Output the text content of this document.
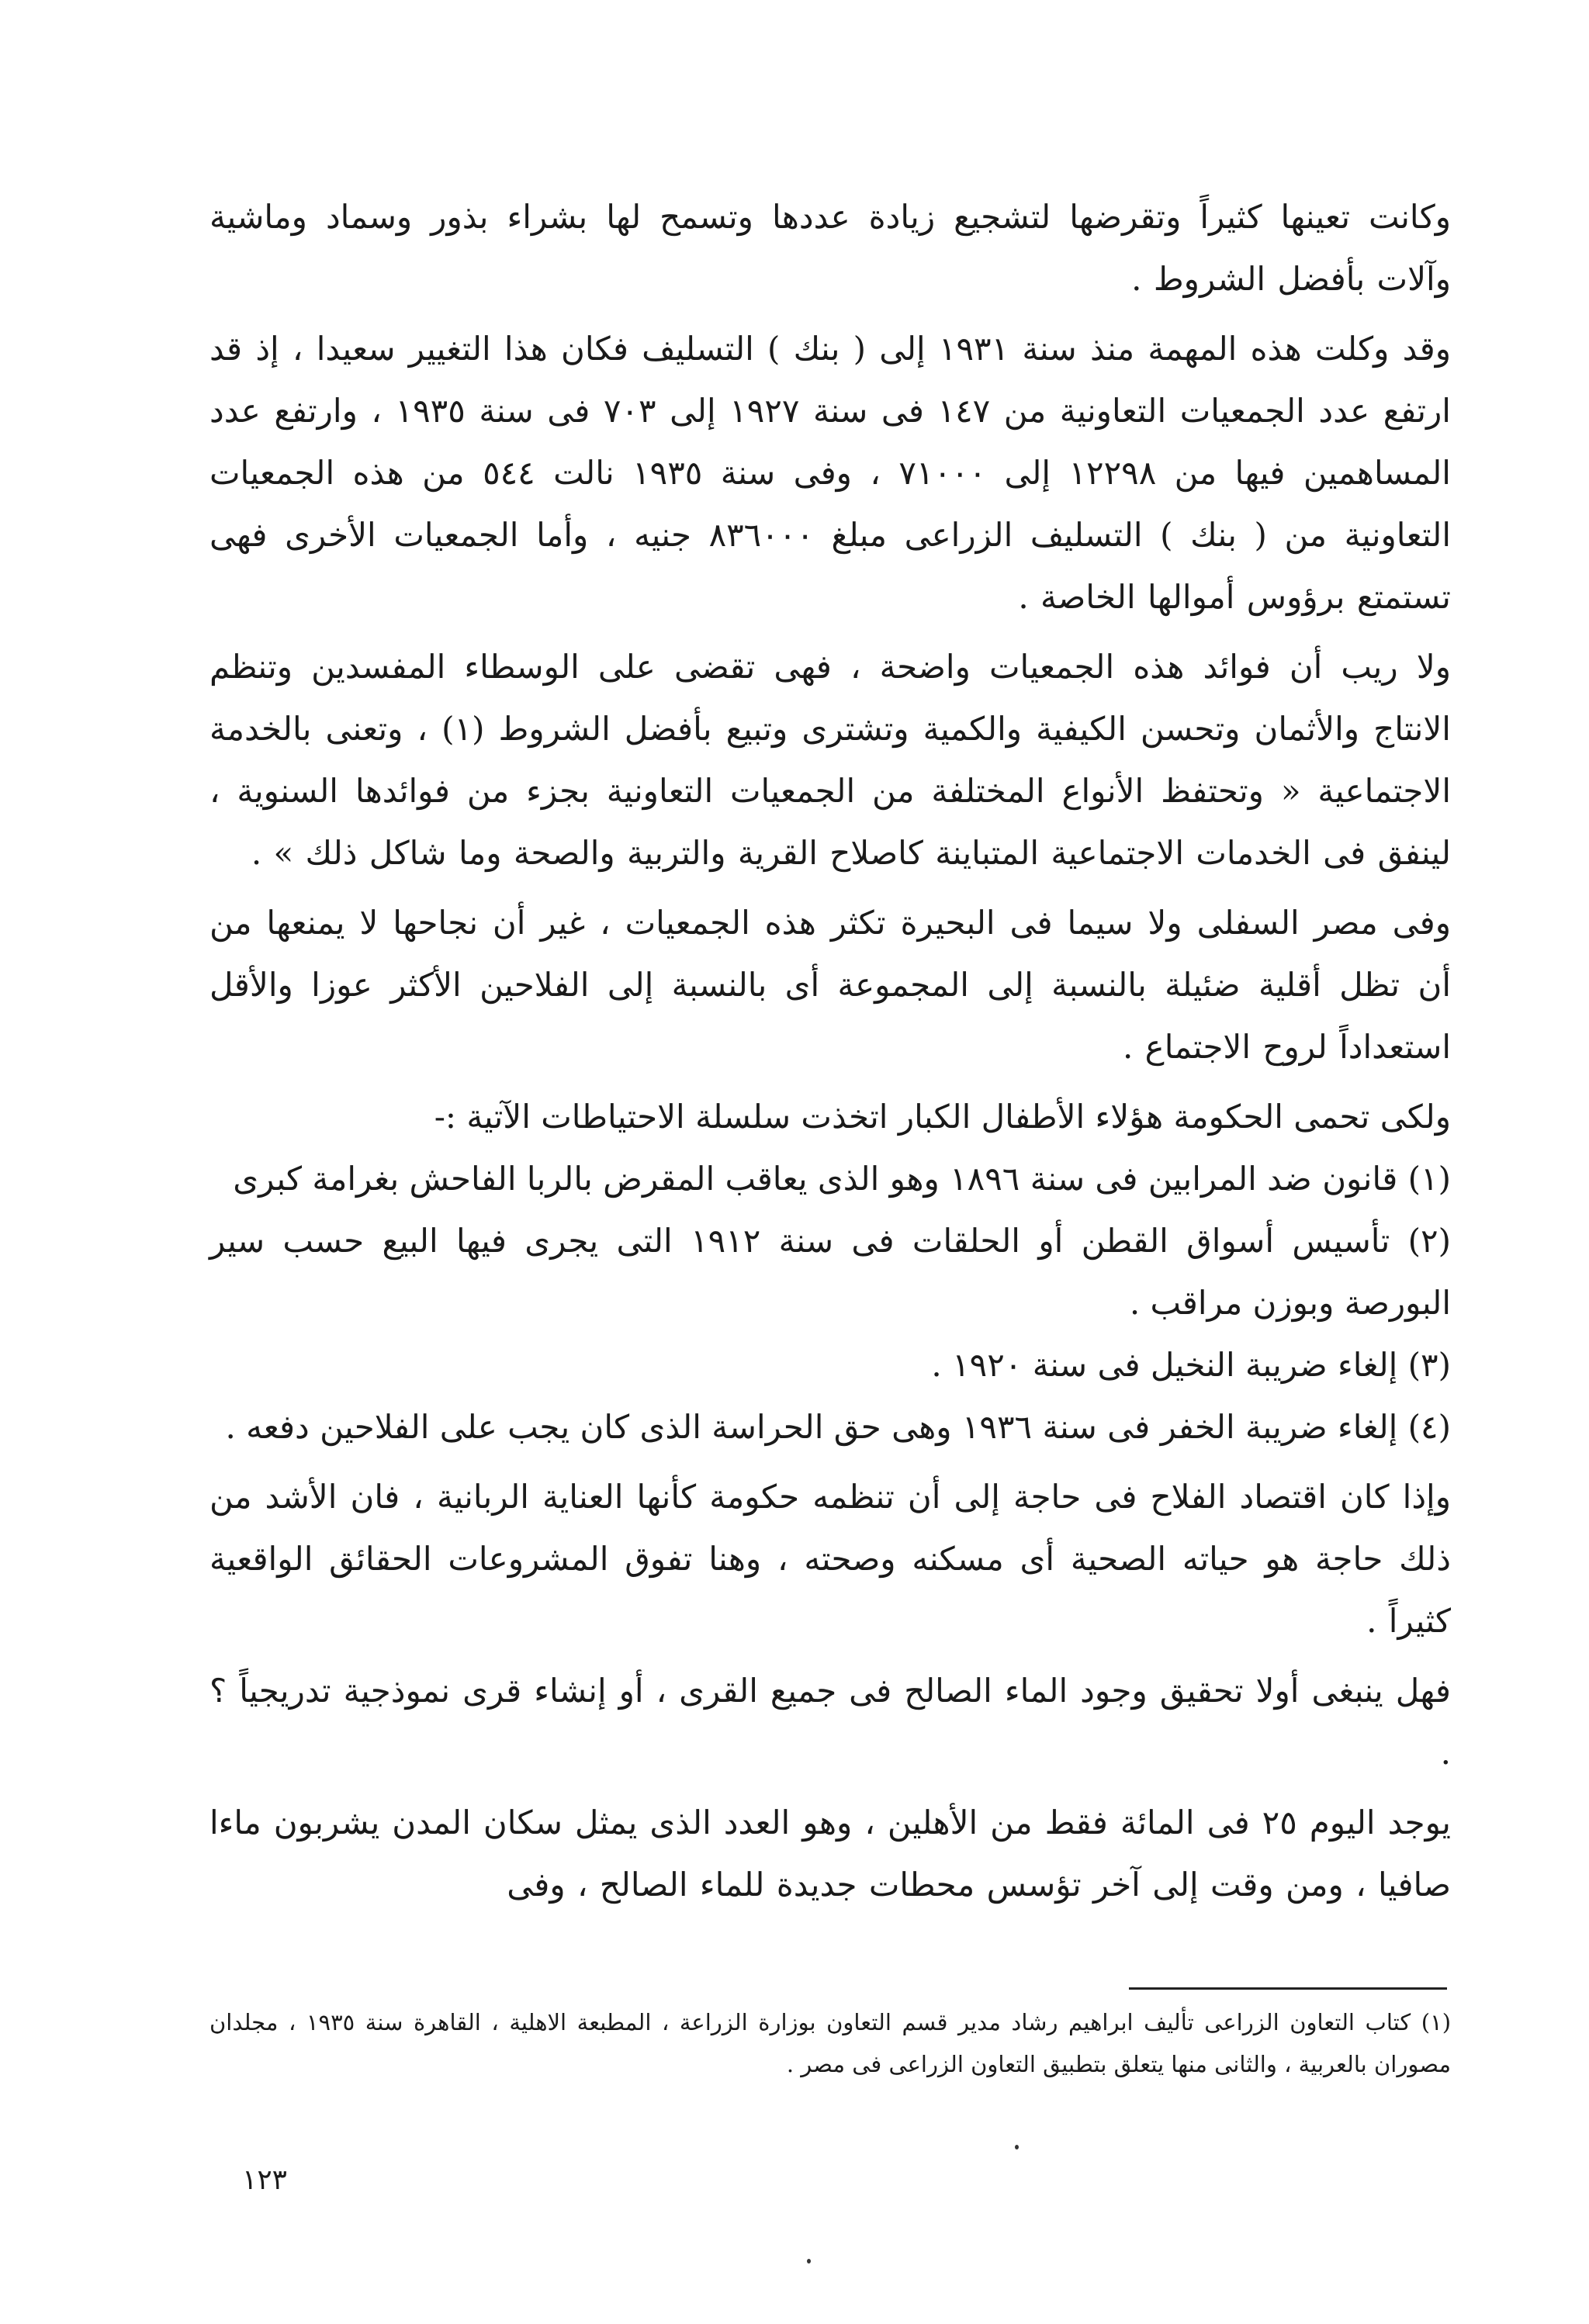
وكانت تعينها كثيراً وتقرضها لتشجيع زيادة عددها وتسمح لها بشراء بذور وسماد وماشية وآلات بأفضل الشروط .

وقد وكلت هذه المهمة منذ سنة ١٩٣١ إلى ( بنك ) التسليف فكان هذا التغيير سعيدا ، إذ قد ارتفع عدد الجمعيات التعاونية من ١٤٧ فى سنة ١٩٢٧ إلى ٧٠٣ فى سنة ١٩٣٥ ، وارتفع عدد المساهمين فيها من ١٢٢٩٨ إلى ٧١٠٠٠ ، وفى سنة ١٩٣٥ نالت ٥٤٤ من هذه الجمعيات التعاونية من ( بنك ) التسليف الزراعى مبلغ ٨٣٦٠٠٠ جنيه ، وأما الجمعيات الأخرى فهى تستمتع برؤوس أموالها الخاصة .

ولا ريب أن فوائد هذه الجمعيات واضحة ، فهى تقضى على الوسطاء المفسدين وتنظم الانتاج والأثمان وتحسن الكيفية والكمية وتشترى وتبيع بأفضل الشروط (١) ، وتعنى بالخدمة الاجتماعية « وتحتفظ الأنواع المختلفة من الجمعيات التعاونية بجزء من فوائدها السنوية ، لينفق فى الخدمات الاجتماعية المتباينة كاصلاح القرية والتربية والصحة وما شاكل ذلك » .

وفى مصر السفلى ولا سيما فى البحيرة تكثر هذه الجمعيات ، غير أن نجاحها لا يمنعها من أن تظل أقلية ضئيلة بالنسبة إلى المجموعة أى بالنسبة إلى الفلاحين الأكثر عوزا والأقل استعداداً لروح الاجتماع .

ولكى تحمى الحكومة هؤلاء الأطفال الكبار اتخذت سلسلة الاحتياطات الآتية :-

(١) قانون ضد المرابين فى سنة ١٨٩٦ وهو الذى يعاقب المقرض بالربا الفاحش بغرامة كبرى

(٢) تأسيس أسواق القطن أو الحلقات فى سنة ١٩١٢ التى يجرى فيها البيع حسب سير البورصة وبوزن مراقب .

(٣) إلغاء ضريبة النخيل فى سنة ١٩٢٠ .

(٤) إلغاء ضريبة الخفر فى سنة ١٩٣٦ وهى حق الحراسة الذى كان يجب على الفلاحين دفعه .

وإذا كان اقتصاد الفلاح فى حاجة إلى أن تنظمه حكومة كأنها العناية الربانية ، فان الأشد من ذلك حاجة هو حياته الصحية أى مسكنه وصحته ، وهنا تفوق المشروعات الحقائق الواقعية كثيراً .

فهل ينبغى أولا تحقيق وجود الماء الصالح فى جميع القرى ، أو إنشاء قرى نموذجية تدريجياً ؟ .

يوجد اليوم ٢٥ فى المائة فقط من الأهلين ، وهو العدد الذى يمثل سكان المدن يشربون ماءا صافيا ، ومن وقت إلى آخر تؤسس محطات جديدة للماء الصالح ، وفى

(١) كتاب التعاون الزراعى تأليف ابراهيم رشاد مدير قسم التعاون بوزارة الزراعة ، المطبعة الاهلية ، القاهرة سنة ١٩٣٥ ، مجلدان مصوران بالعربية ، والثانى منها يتعلق بتطبيق التعاون الزراعى فى مصر .

١٢٣
